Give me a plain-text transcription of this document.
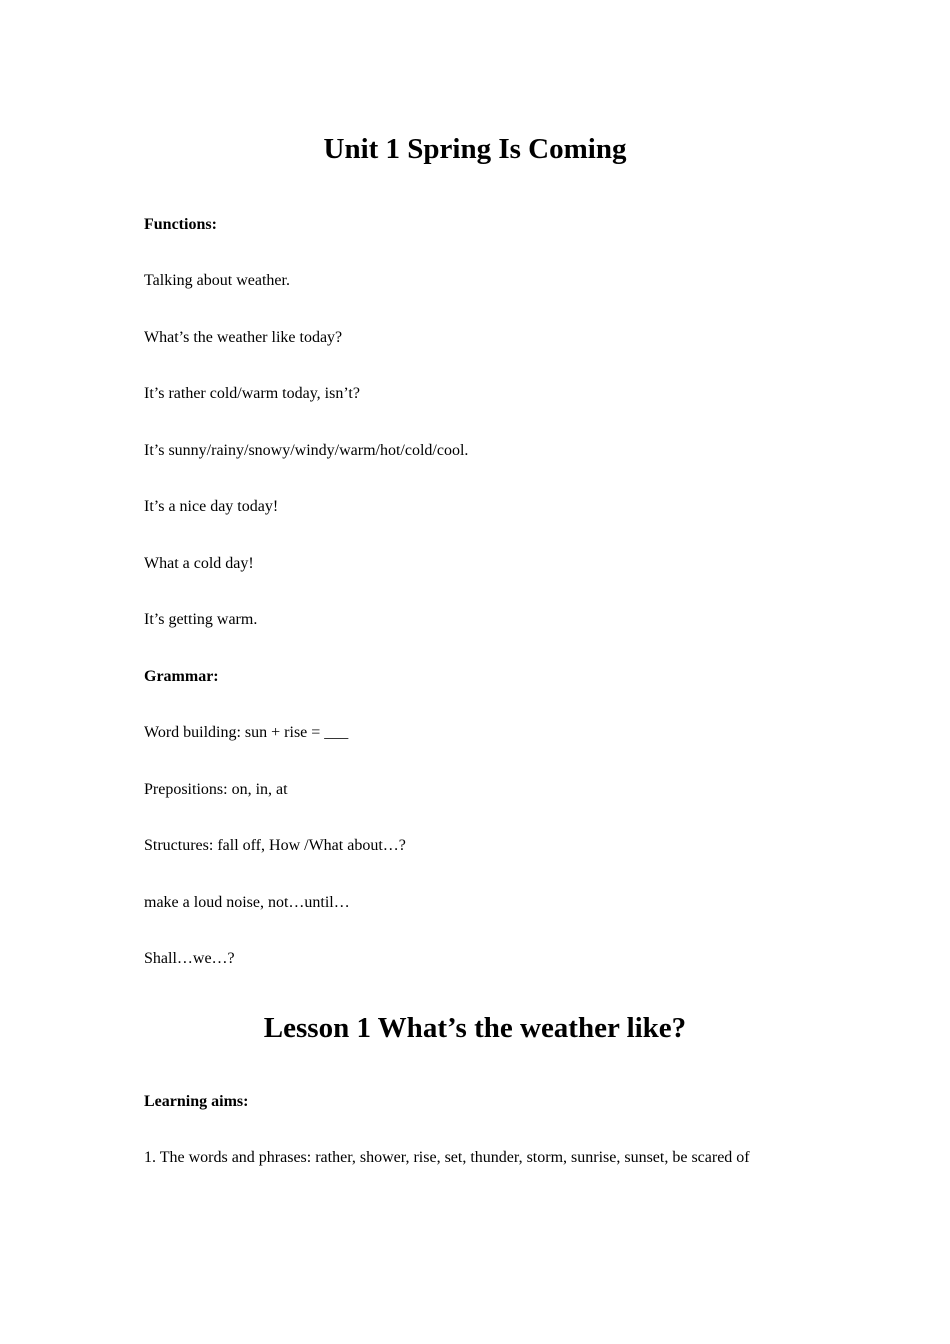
Unit 1 Spring Is Coming
Functions:
Talking about weather.
What’s the weather like today?
It’s rather cold/warm today, isn’t?
It’s sunny/rainy/snowy/windy/warm/hot/cold/cool.
It’s a nice day today!
What a cold day!
It’s getting warm.
Grammar:
Word building: sun + rise = ___
Prepositions: on, in, at
Structures: fall off, How /What about…?
make a loud noise, not…until…
Shall…we…?
Lesson 1 What’s the weather like?
Learning aims:
1. The words and phrases: rather, shower, rise, set, thunder, storm, sunrise, sunset, be scared of
